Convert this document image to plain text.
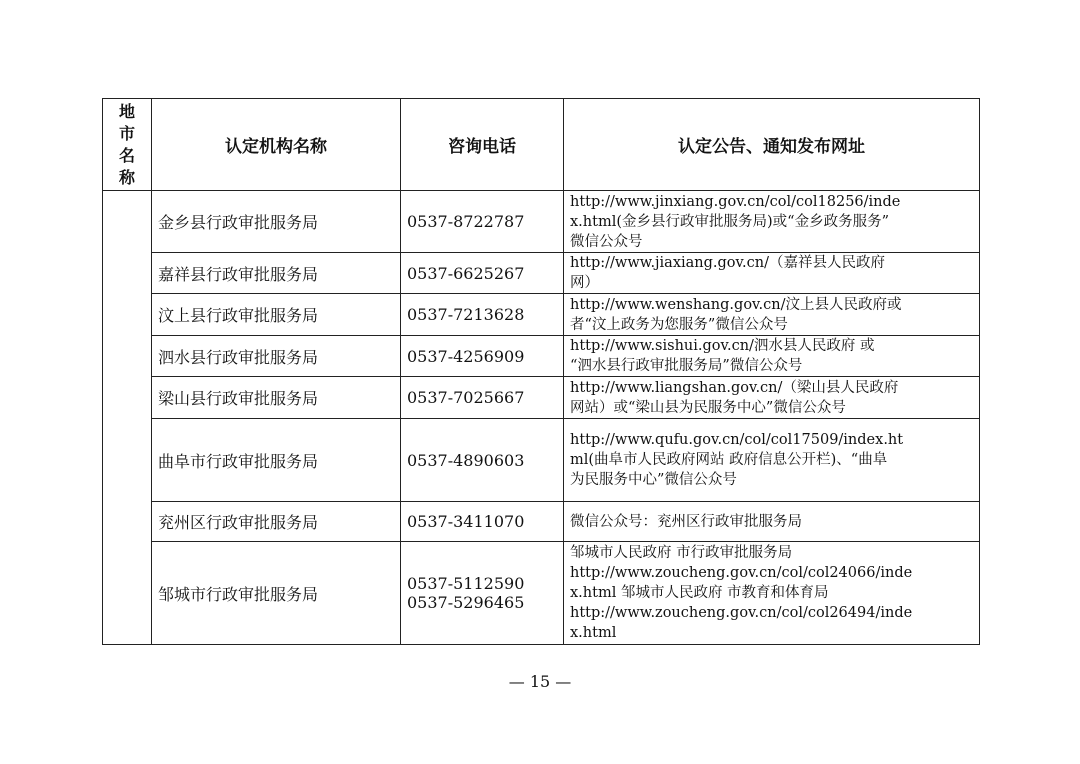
地
市
名
称	认定机构名称	咨询电话	认定公告、通知发布网址
	金乡县行政审批服务局	0537-8722787	http://www.jinxiang.gov.cn/col/col18256/inde
x.html(金乡县行政审批服务局)或“金乡政务服务”
微信公众号

	嘉祥县行政审批服务局	0537-6625267	http://www.jiaxiang.gov.cn/（嘉祥县人民政府
网）

	汶上县行政审批服务局	0537-7213628	http://www.wenshang.gov.cn/汶上县人民政府或
者“汶上政务为您服务”微信公众号

	泗水县行政审批服务局	0537-4256909	http://www.sishui.gov.cn/泗水县人民政府 或
“泗水县行政审批服务局”微信公众号

	梁山县行政审批服务局	0537-7025667	http://www.liangshan.gov.cn/（梁山县人民政府
网站）或“梁山县为民服务中心”微信公众号

	曲阜市行政审批服务局	0537-4890603	http://www.qufu.gov.cn/col/col17509/index.ht
ml(曲阜市人民政府网站 政府信息公开栏)、“曲阜
为民服务中心”微信公众号

	兖州区行政审批服务局	0537-3411070	微信公众号：兖州区行政审批服务局

	邹城市行政审批服务局	0537-5112590
0537-5296465	邹城市人民政府 市行政审批服务局
http://www.zoucheng.gov.cn/col/col24066/inde
x.html 邹城市人民政府 市教育和体育局
http://www.zoucheng.gov.cn/col/col26494/inde
x.html
— 15 —
